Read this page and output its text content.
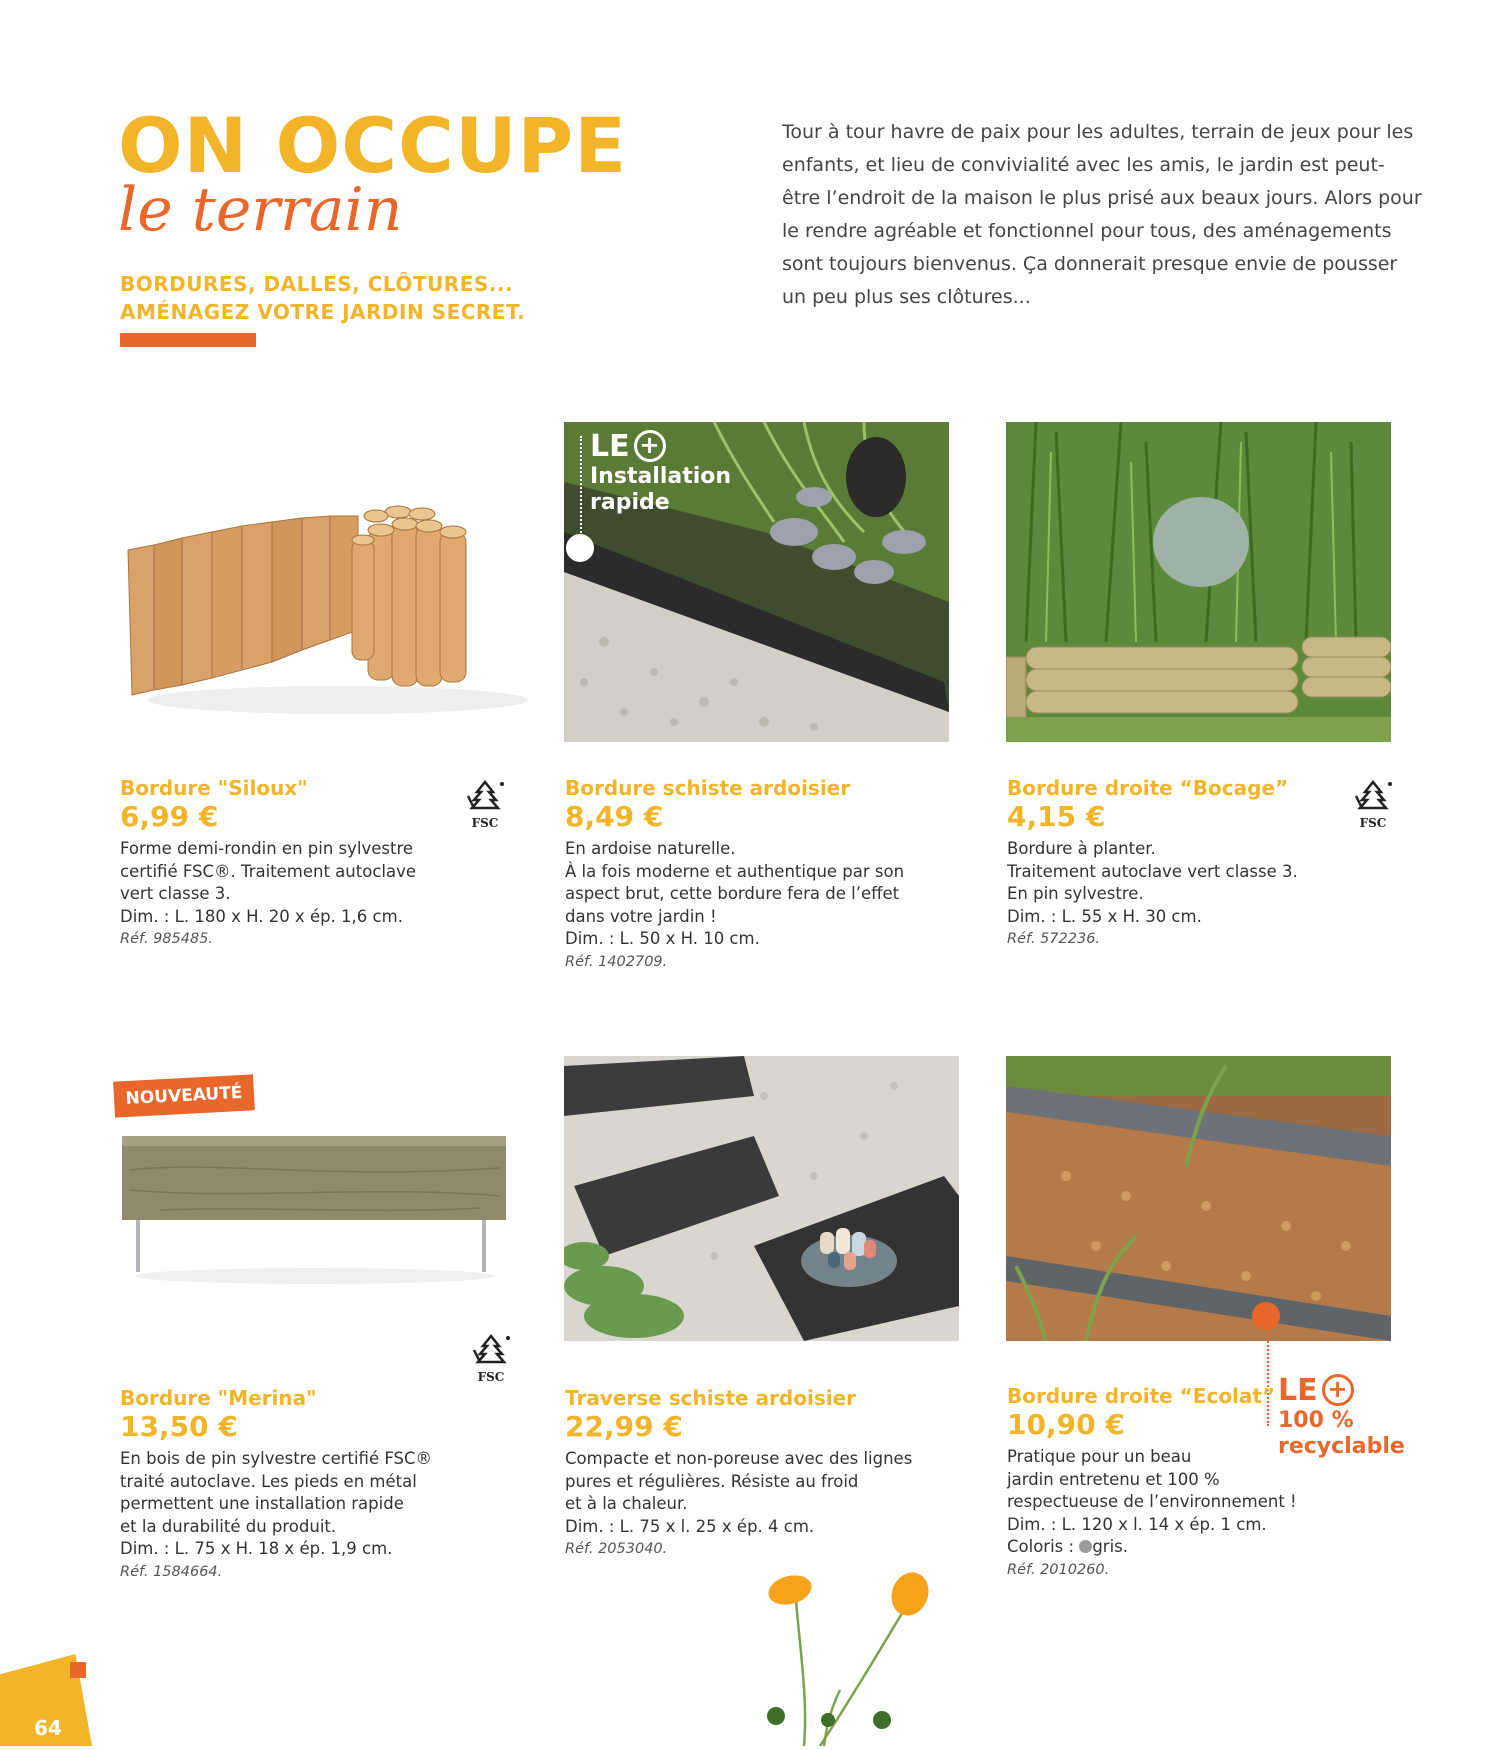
ON OCCUPE
le terrain
BORDURES, DALLES, CLÔTURES...
AMÉNAGEZ VOTRE JARDIN SECRET.
Tour à tour havre de paix pour les adultes, terrain de jeux pour les enfants, et lieu de convivialité avec les amis, le jardin est peut-être l’endroit de la maison le plus prisé aux beaux jours. Alors pour le rendre agréable et fonctionnel pour tous, des aménagements sont toujours bienvenus. Ça donnerait presque envie de pousser un peu plus ses clôtures...
LE +
Installation
rapide
Bordure "Siloux"
6,99 €

Forme demi-rondin en pin sylvestre

certifié FSC®. Traitement autoclave

vert classe 3.

Dim. : L. 180 x H. 20 x ép. 1,6 cm.

Réf. 985485.

FSC
Bordure schiste ardoisier
8,49 €

En ardoise naturelle.

À la fois moderne et authentique par son

aspect brut, cette bordure fera de l’effet

dans votre jardin !

Dim. : L. 50 x H. 10 cm.

Réf. 1402709.

Bordure droite “Bocage”
4,15 €

Bordure à planter.

Traitement autoclave vert classe 3.

En pin sylvestre.

Dim. : L. 55 x H. 30 cm.

Réf. 572236.

FSC
NOUVEAUTÉ
Bordure "Merina"
13,50 €

En bois de pin sylvestre certifié FSC®

traité autoclave. Les pieds en métal

permettent une installation rapide

et la durabilité du produit.

Dim. : L. 75 x H. 18 x ép. 1,9 cm.

Réf. 1584664.

FSC
Traverse schiste ardoisier
22,99 €

Compacte et non-poreuse avec des lignes

pures et régulières. Résiste au froid

et à la chaleur.

Dim. : L. 75 x l. 25 x ép. 4 cm.

Réf. 2053040.

Bordure droite “Ecolat”
10,90 €

Pratique pour un beau

jardin entretenu et 100 %

respectueuse de l’environnement !

Dim. : L. 120 x l. 14 x ép. 1 cm.

Coloris : gris.

Réf. 2010260.

LE +
100 %
recyclable
64
